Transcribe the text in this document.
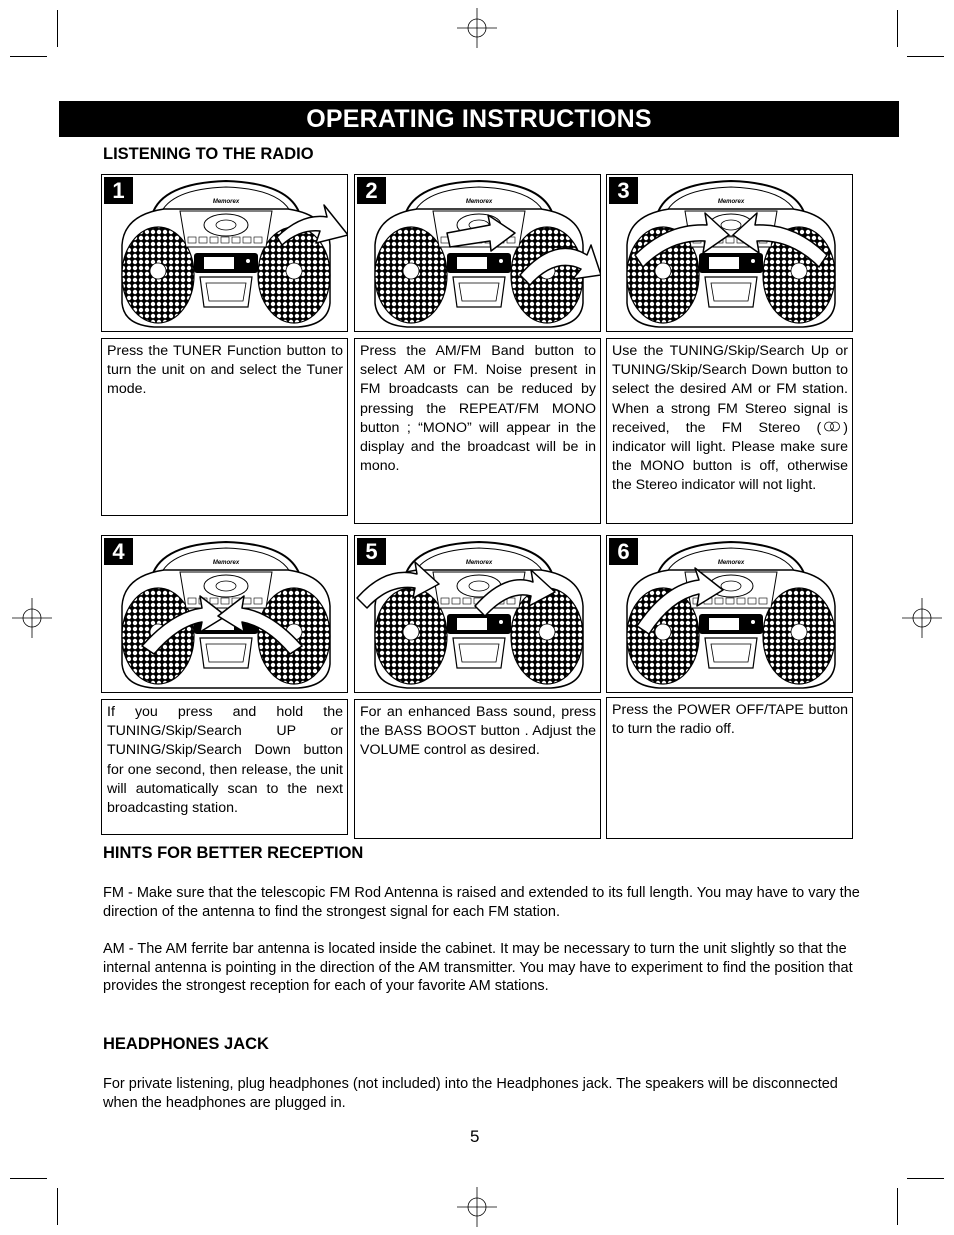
OPERATING INSTRUCTIONS
LISTENING TO THE RADIO
1	Memorex	2	Memorex	3	Memorex
4	Memorex	5	Memorex	6	Memorex
Press the TUNER Function button to turn the unit on and select the Tuner mode.
Press the AM/FM Band button to select AM or FM. Noise present in FM broadcasts can be reduced by pressing the REPEAT/FM MONO button ; “MONO” will appear in the display and the broadcast will be in mono.
Use the TUNING/Skip/Search Up or TUNING/Skip/Search Down button to select the desired AM or FM station. When a strong FM Stereo signal is received, the FM Stereo ( ) indicator will light. Please make sure the MONO button is off, otherwise the Stereo indicator will not light.
If you press and hold the TUNING/Skip/Search UP or TUNING/Skip/Search Down button for one second, then release, the unit will automatically scan to the next broadcasting station.
For an enhanced Bass sound, press the BASS BOOST button . Adjust the VOLUME control as desired.
Press the POWER OFF/TAPE button to turn the radio off.
HINTS FOR BETTER RECEPTION
FM - Make sure that the telescopic FM Rod Antenna is raised and extended to its full length. You may have to vary the direction of the antenna to find the strongest signal for each FM station.
AM - The AM ferrite bar antenna is located inside the cabinet. It may be necessary to turn the unit slightly so that the internal antenna is pointing in the direction of the AM transmitter. You may have to experiment to find the position that provides the strongest reception for each of your favorite AM stations.
HEADPHONES JACK
For private listening, plug headphones (not included) into the Headphones jack. The speakers will be disconnected when the headphones are plugged in.
5
